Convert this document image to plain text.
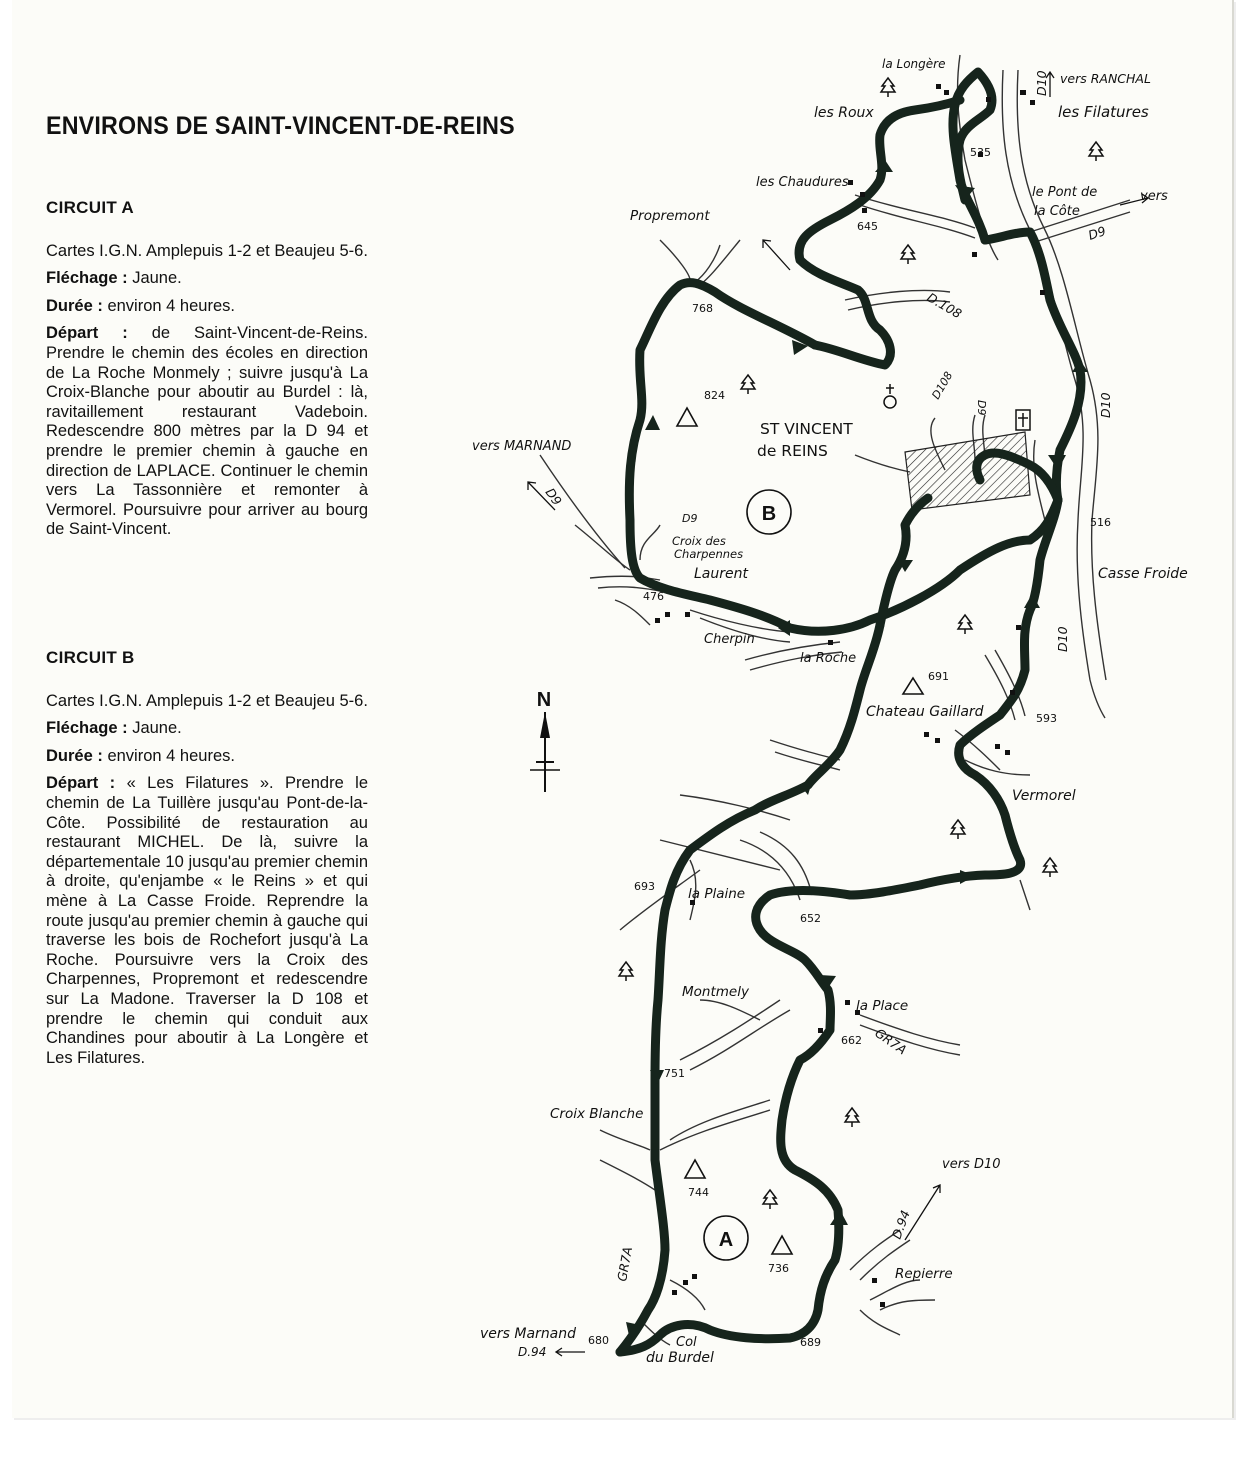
ENVIRONS DE SAINT-VINCENT-DE-REINS
CIRCUIT A

Cartes I.G.N. Amplepuis 1-2 et Beaujeu 5-6.

Fléchage : Jaune.

Durée : environ 4 heures.

Départ : de Saint-Vincent-de-Reins. Prendre le chemin des écoles en direction de La Roche Monmely ; suivre jusqu'à La Croix-Blanche pour aboutir au Burdel : là, ravitaillement restaurant Vadeboin. Redescendre 800 mètres par la D 94 et prendre le premier chemin à gauche en direction de LAPLACE. Continuer le chemin vers La Tassonnière et remonter à Vermorel. Poursuivre pour arriver au bourg de Saint-Vincent.

CIRCUIT B

Cartes I.G.N. Amplepuis 1-2 et Beaujeu 5-6.

Fléchage : Jaune.

Durée : environ 4 heures.

Départ : « Les Filatures ». Prendre le chemin de La Tuillère jusqu'au Pont-de-la-Côte. Possibilité de restauration au restaurant MICHEL. De là, suivre la départementale 10 jusqu'au premier chemin à droite, qu'enjambe « le Reins » et qui mène à La Casse Froide. Reprendre la route jusqu'au premier chemin à gauche qui traverse les bois de Rochefort jusqu'à La Roche. Poursuivre vers la Croix des Charpennes, Propremont et redescendre sur La Madone. Traverser la D 108 et prendre le chemin qui conduit aux Chandines pour aboutir à La Longère et Les Filatures.

B
A
N
la Longère
vers RANCHAL
les Filatures
les Roux
les Chaudures
le Pont de
la Côte
vers
Propremont
ST VINCENT
de REINS
vers MARNAND
Croix des
Charpennes
Laurent
Cherpin
la Roche
Casse Froide
Chateau Gaillard
Vermorel
la Plaine
Montmely
la Place
Croix Blanche
vers D10
Repierre
vers Marnand
D.94
Col
du Burdel
D10
D9
D.108
D108
D9	D10
D9
D9
D10
GR7A
D.94
GR7A
535
645
768
824
516
476
691
593
693
652
662
751
744
736
680	689
